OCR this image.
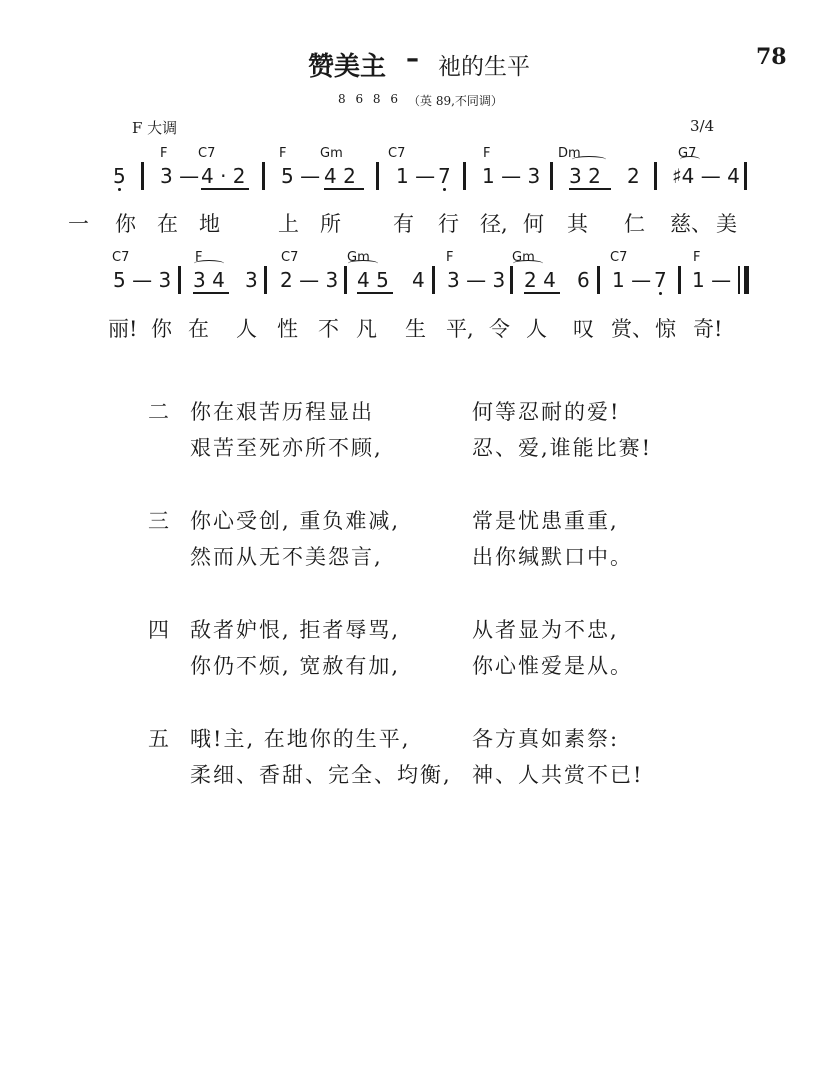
赞美主 – 祂的生平	78
8 6 8 6 （英 89,不同调）
F 大调	3/4
F C7	F	Gm	C7	F	Dm	G7
5 3 — 4 · 2 5 — 4 2 1 — 7 1 — 3 3 2 2 ♯4 — 4
一 你 在 地	上 所 有 行 径, 何 其 仁 慈、 美
C7	F	C7	Gm	F	Gm	C7	F
5 — 3 3 4 3 2 — 3 4 5 4 3 — 3 2 4 6 1 — 7 1 —
丽! 你 在 人 性 不 凡 生 平, 令 人 叹 赏、 惊 奇!
二 你在艰苦历程显出	何等忍耐的爱!
艰苦至死亦所不顾,	忍、爱,谁能比赛!
三 你心受创, 重负难减,	常是忧患重重,
然而从无不美怨言,	出你缄默口中。
四 敌者妒恨, 拒者辱骂,	从者显为不忠,
你仍不烦, 宽赦有加,	你心惟爱是从。
五 哦!主, 在地你的生平,	各方真如素祭:
柔细、香甜、完全、均衡, 神、人共赏不已!
